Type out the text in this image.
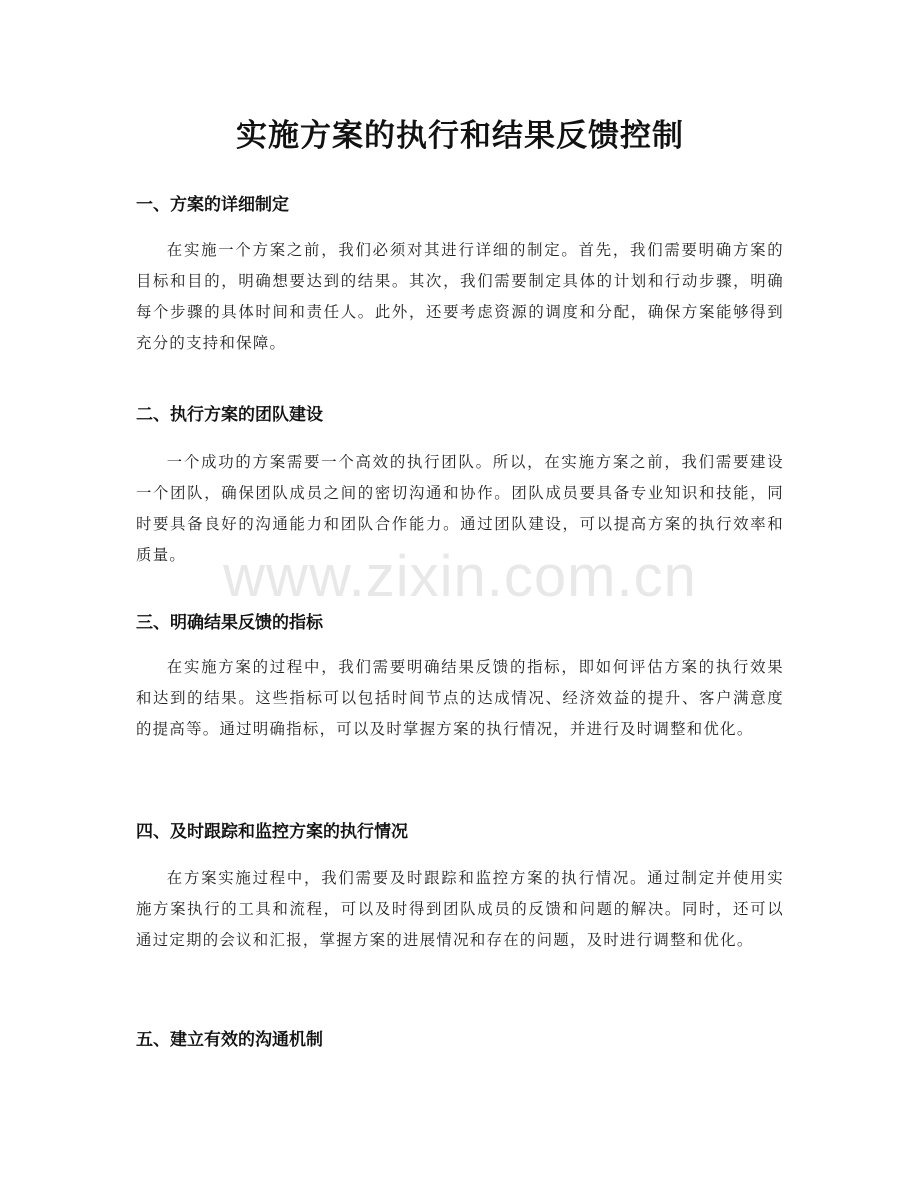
实施方案的执行和结果反馈控制
一、方案的详细制定

在实施一个方案之前，我们必须对其进行详细的制定。首先，我们需要明确方案的目标和目的，明确想要达到的结果。其次，我们需要制定具体的计划和行动步骤，明确每个步骤的具体时间和责任人。此外，还要考虑资源的调度和分配，确保方案能够得到充分的支持和保障。

二、执行方案的团队建设

一个成功的方案需要一个高效的执行团队。所以，在实施方案之前，我们需要建设一个团队，确保团队成员之间的密切沟通和协作。团队成员要具备专业知识和技能，同时要具备良好的沟通能力和团队合作能力。通过团队建设，可以提高方案的执行效率和质量。

三、明确结果反馈的指标

在实施方案的过程中，我们需要明确结果反馈的指标，即如何评估方案的执行效果和达到的结果。这些指标可以包括时间节点的达成情况、经济效益的提升、客户满意度的提高等。通过明确指标，可以及时掌握方案的执行情况，并进行及时调整和优化。

四、及时跟踪和监控方案的执行情况

在方案实施过程中，我们需要及时跟踪和监控方案的执行情况。通过制定并使用实施方案执行的工具和流程，可以及时得到团队成员的反馈和问题的解决。同时，还可以通过定期的会议和汇报，掌握方案的进展情况和存在的问题，及时进行调整和优化。

五、建立有效的沟通机制
www.zixin.com.cn
